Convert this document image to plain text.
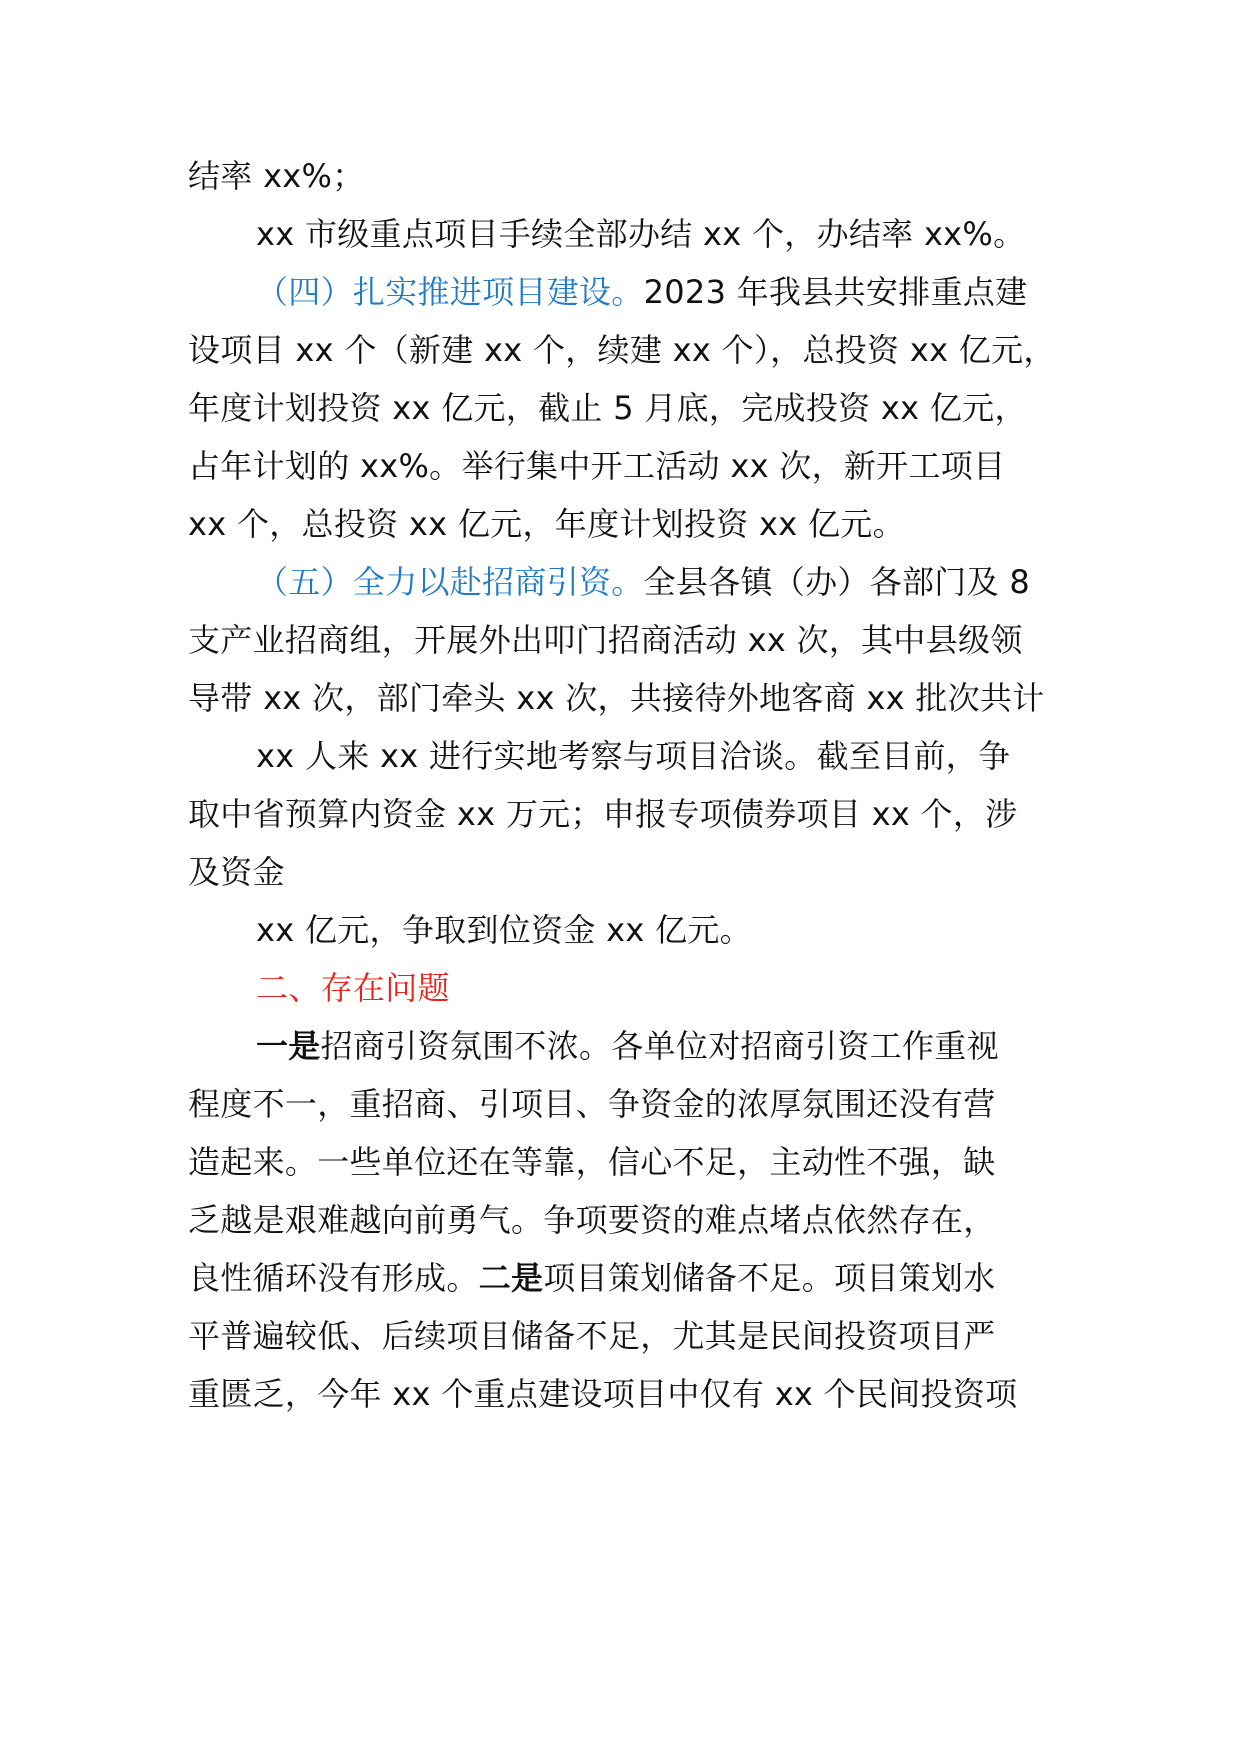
结率 xx%；
xx 市级重点项目手续全部办结 xx 个，办结率 xx%。
（四）扎实推进项目建设。2023 年我县共安排重点建
设项目 xx 个（新建 xx 个，续建 xx 个），总投资 xx 亿元，
年度计划投资 xx 亿元，截止 5 月底，完成投资 xx 亿元，
占年计划的 xx%。举行集中开工活动 xx 次，新开工项目
xx 个，总投资 xx 亿元，年度计划投资 xx 亿元。
（五）全力以赴招商引资。全县各镇（办）各部门及 8
支产业招商组，开展外出叩门招商活动 xx 次，其中县级领
导带 xx 次，部门牵头 xx 次，共接待外地客商 xx 批次共计
xx 人来 xx 进行实地考察与项目洽谈。截至目前，争
取中省预算内资金 xx 万元；申报专项债券项目 xx 个，涉
及资金
xx 亿元，争取到位资金 xx 亿元。
二、存在问题
一是招商引资氛围不浓。各单位对招商引资工作重视
程度不一，重招商、引项目、争资金的浓厚氛围还没有营
造起来。一些单位还在等靠，信心不足，主动性不强，缺
乏越是艰难越向前勇气。争项要资的难点堵点依然存在，
良性循环没有形成。二是项目策划储备不足。项目策划水
平普遍较低、后续项目储备不足，尤其是民间投资项目严
重匮乏，今年 xx 个重点建设项目中仅有 xx 个民间投资项
